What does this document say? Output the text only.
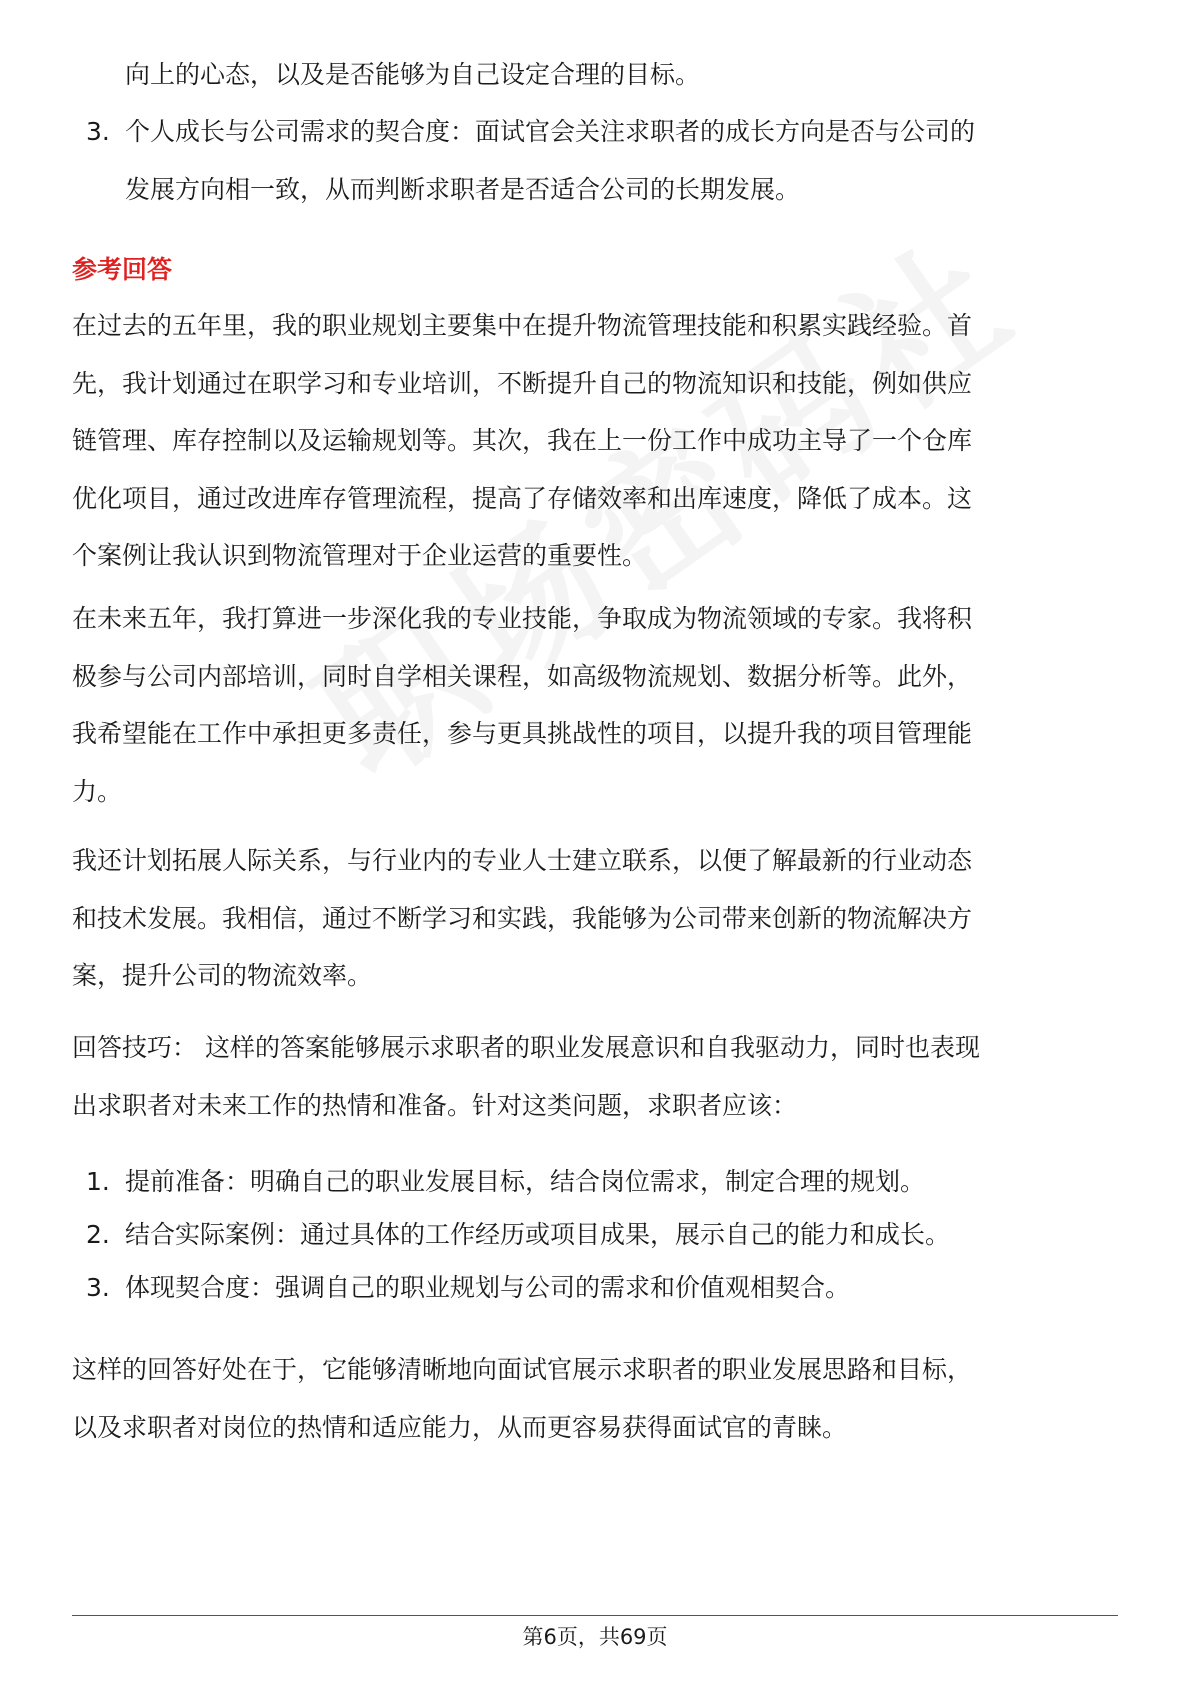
向上的心态，以及是否能够为自己设定合理的目标。
3. 个人成长与公司需求的契合度：面试官会关注求职者的成长方向是否与公司的
发展方向相一致，从而判断求职者是否适合公司的长期发展。
参考回答
在过去的五年里，我的职业规划主要集中在提升物流管理技能和积累实践经验。首
先，我计划通过在职学习和专业培训，不断提升自己的物流知识和技能，例如供应
链管理、库存控制以及运输规划等。其次，我在上一份工作中成功主导了一个仓库
优化项目，通过改进库存管理流程，提高了存储效率和出库速度，降低了成本。这
个案例让我认识到物流管理对于企业运营的重要性。
在未来五年，我打算进一步深化我的专业技能，争取成为物流领域的专家。我将积
极参与公司内部培训，同时自学相关课程，如高级物流规划、数据分析等。此外，
我希望能在工作中承担更多责任，参与更具挑战性的项目，以提升我的项目管理能
力。
我还计划拓展人际关系，与行业内的专业人士建立联系，以便了解最新的行业动态
和技术发展。我相信，通过不断学习和实践，我能够为公司带来创新的物流解决方
案，提升公司的物流效率。
回答技巧： 这样的答案能够展示求职者的职业发展意识和自我驱动力，同时也表现
出求职者对未来工作的热情和准备。针对这类问题，求职者应该：
1. 提前准备：明确自己的职业发展目标，结合岗位需求，制定合理的规划。
2. 结合实际案例：通过具体的工作经历或项目成果，展示自己的能力和成长。
3. 体现契合度：强调自己的职业规划与公司的需求和价值观相契合。
这样的回答好处在于，它能够清晰地向面试官展示求职者的职业发展思路和目标，
以及求职者对岗位的热情和适应能力，从而更容易获得面试官的青睐。
第6页，共69页
